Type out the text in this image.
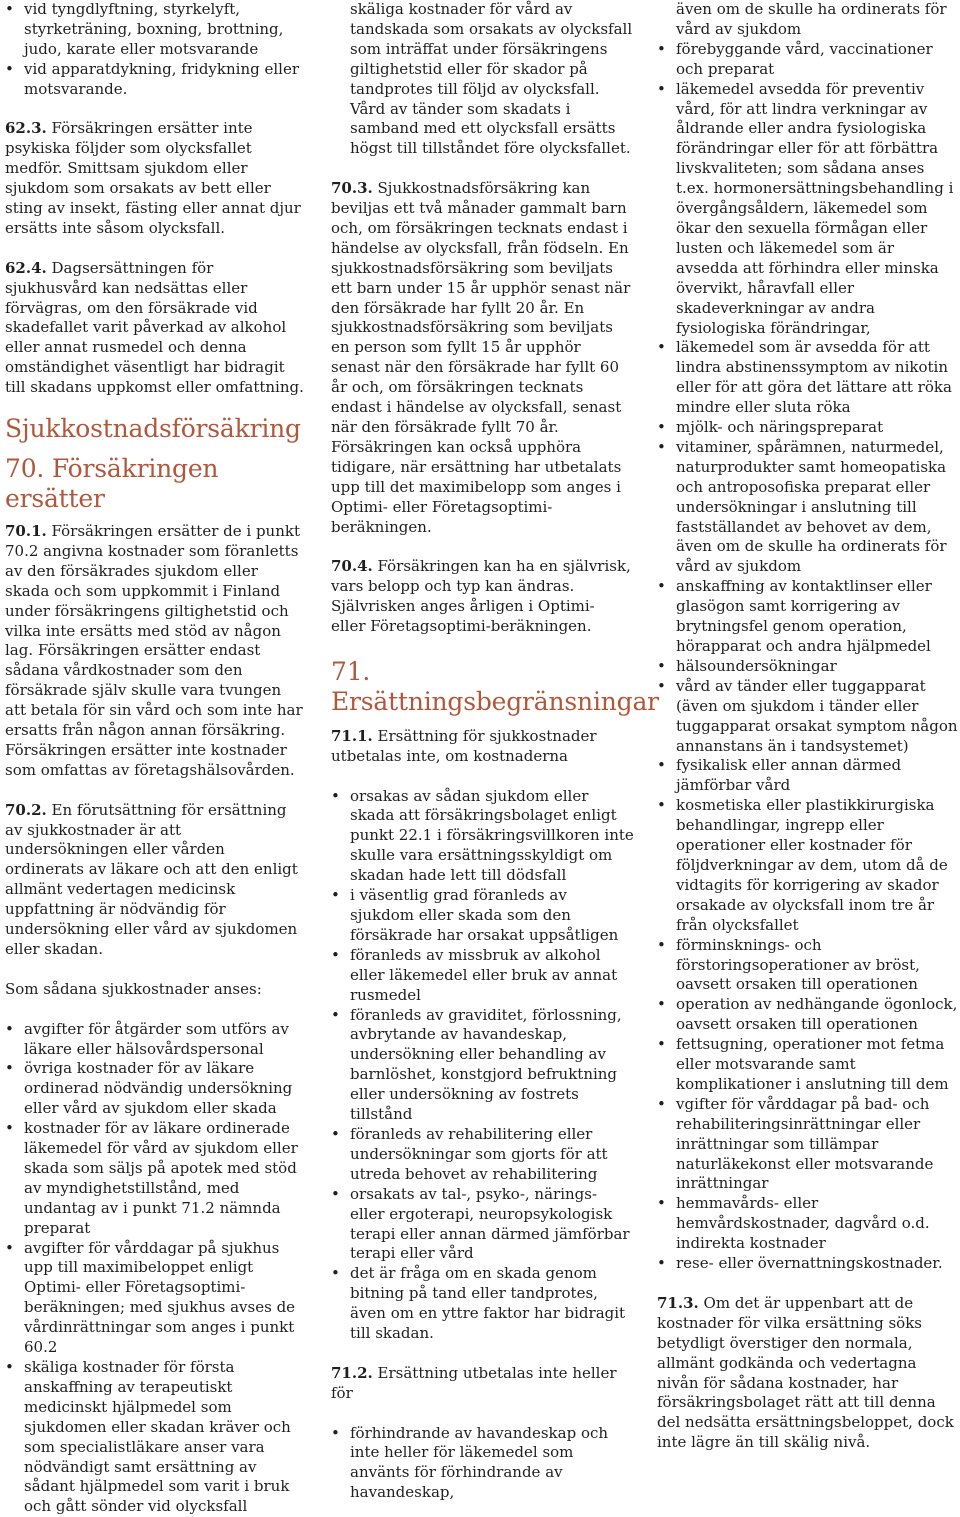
• vid tyngdlyftning, styrkelyft, styrketräning, boxning, brottning, judo, karate eller motsvarande
• vid apparatdykning, fridykning eller motsvarande.

62.3. Försäkringen ersätter inte psykiska följder som olycksfallet medför. Smittsam sjukdom eller sjukdom som orsakats av bett eller sting av insekt, fästing eller annat djur ersätts inte såsom olycksfall.

62.4. Dagsersättningen för sjukhusvård kan nedsättas eller förvägras, om den försäkrade vid skadefallet varit påverkad av alkohol eller annat rusmedel och denna omständighet väsentligt har bidragit till skadans uppkomst eller omfattning.

Sjukkostnadsförsäkring
70. Försäkringen ersätter

70.1. Försäkringen ersätter de i punkt 70.2 angivna kostnader som föranletts av den försäkrades sjukdom eller skada och som uppkommit i Finland under försäkringens giltighetstid och vilka inte ersätts med stöd av någon lag. Försäkringen ersätter endast sådana vårdkostnader som den försäkrade själv skulle vara tvungen att betala för sin vård och som inte har ersatts från någon annan försäkring. Försäkringen ersätter inte kostnader som omfattas av företagshälsovården.

70.2. En förutsättning för ersättning av sjukkostnader är att undersökningen eller vården ordinerats av läkare och att den enligt allmänt vedertagen medicinsk uppfattning är nödvändig för undersökning eller vård av sjukdomen eller skadan.

Som sådana sjukkostnader anses:

• avgifter för åtgärder som utförs av läkare eller hälsovårdspersonal
• övriga kostnader för av läkare ordinerad nödvändig undersökning eller vård av sjukdom eller skada
• kostnader för av läkare ordinerade läkemedel för vård av sjukdom eller skada som säljs på apotek med stöd av myndighetstillstånd, med undantag av i punkt 71.2 nämnda preparat
• avgifter för vårddagar på sjukhus upp till maximibeloppet enligt Optimi- eller Företagsoptimi-beräkningen; med sjukhus avses de vårdinrättningar som anges i punkt 60.2
• skäliga kostnader för första anskaffning av terapeutiskt medicinskt hjälpmedel som sjukdomen eller skadan kräver och som specialistläkare anser vara nödvändigt samt ersättning av sådant hjälpmedel som varit i bruk och gått sönder vid olycksfall
skäliga kostnader för vård av tandskada som orsakats av olycksfall som inträffat under försäkringens giltighetstid eller för skador på tandprotes till följd av olycksfall. Vård av tänder som skadats i samband med ett olycksfall ersätts högst till tillståndet före olycksfallet.

70.3. Sjukkostnadsförsäkring kan beviljas ett två månader gammalt barn och, om försäkringen tecknats endast i händelse av olycksfall, från födseln. En sjukkostnadsförsäkring som beviljats ett barn under 15 år upphör senast när den försäkrade har fyllt 20 år. En sjukkostnadsförsäkring som beviljats en person som fyllt 15 år upphör senast när den försäkrade har fyllt 60 år och, om försäkringen tecknats endast i händelse av olycksfall, senast när den försäkrade fyllt 70 år. Försäkringen kan också upphöra tidigare, när ersättning har utbetalats upp till det maximibelopp som anges i Optimi- eller Företagsoptimi-beräkningen.

70.4. Försäkringen kan ha en självrisk, vars belopp och typ kan ändras. Självrisken anges årligen i Optimi- eller Företagsoptimi-beräkningen.

71. Ersättningsbegränsningar

71.1. Ersättning för sjukkostnader utbetalas inte, om kostnaderna

• orsakas av sådan sjukdom eller skada att försäkringsbolaget enligt punkt 22.1 i försäkringsvillkoren inte skulle vara ersättningsskyldigt om skadan hade lett till dödsfall
• i väsentlig grad föranleds av sjukdom eller skada som den försäkrade har orsakat uppsåtligen
• föranleds av missbruk av alkohol eller läkemedel eller bruk av annat rusmedel
• föranleds av graviditet, förlossning, avbrytande av havandeskap, undersökning eller behandling av barnlöshet, konstgjord befruktning eller undersökning av fostrets tillstånd
• föranleds av rehabilitering eller undersökningar som gjorts för att utreda behovet av rehabilitering
• orsakats av tal-, psyko-, närings- eller ergoterapi, neuropsykologisk terapi eller annan därmed jämförbar terapi eller vård
• det är fråga om en skada genom bitning på tand eller tandprotes, även om en yttre faktor har bidragit till skadan.

71.2. Ersättning utbetalas inte heller för

• förhindrande av havandeskap och inte heller för läkemedel som använts för förhindrande av havandeskap,
även om de skulle ha ordinerats för vård av sjukdom
• förebyggande vård, vaccinationer och preparat
• läkemedel avsedda för preventiv vård, för att lindra verkningar av åldrande eller andra fysiologiska förändringar eller för att förbättra livskvaliteten; som sådana anses t.ex. hormonersättningsbehandling i övergångsåldern, läkemedel som ökar den sexuella förmågan eller lusten och läkemedel som är avsedda att förhindra eller minska övervikt, håravfall eller skadeverkningar av andra fysiologiska förändringar,
• läkemedel som är avsedda för att lindra abstinenssymptom av nikotin eller för att göra det lättare att röka mindre eller sluta röka
• mjölk- och näringspreparat
• vitaminer, spårämnen, naturmedel, naturprodukter samt homeopatiska och antroposofiska preparat eller undersökningar i anslutning till fastställandet av behovet av dem, även om de skulle ha ordinerats för vård av sjukdom
• anskaffning av kontaktlinser eller glasögon samt korrigering av brytningsfel genom operation, hörapparat och andra hjälpmedel
• hälsoundersökningar
• vård av tänder eller tuggapparat (även om sjukdom i tänder eller tuggapparat orsakat symptom någon annanstans än i tandsystemet)
• fysikalisk eller annan därmed jämförbar vård
• kosmetiska eller plastikkirurgiska behandlingar, ingrepp eller operationer eller kostnader för följdverkningar av dem, utom då de vidtagits för korrigering av skador orsakade av olycksfall inom tre år från olycksfallet
• förminsknings- och förstoringsoperationer av bröst, oavsett orsaken till operationen
• operation av nedhängande ögonlock, oavsett orsaken till operationen
• fettsugning, operationer mot fetma eller motsvarande samt komplikationer i anslutning till dem
• vgifter för vårddagar på bad- och rehabiliteringsinrättningar eller inrättningar som tillämpar naturläkekonst eller motsvarande inrättningar
• hemmavårds- eller hemvårdskostnader, dagvård o.d. indirekta kostnader
• rese- eller övernattningskostnader.

71.3. Om det är uppenbart att de kostnader för vilka ersättning söks betydligt överstiger den normala, allmänt godkända och vedertagna nivån för sådana kostnader, har försäkringsbolaget rätt att till denna del nedsätta ersättningsbeloppet, dock inte lägre än till skälig nivå.
